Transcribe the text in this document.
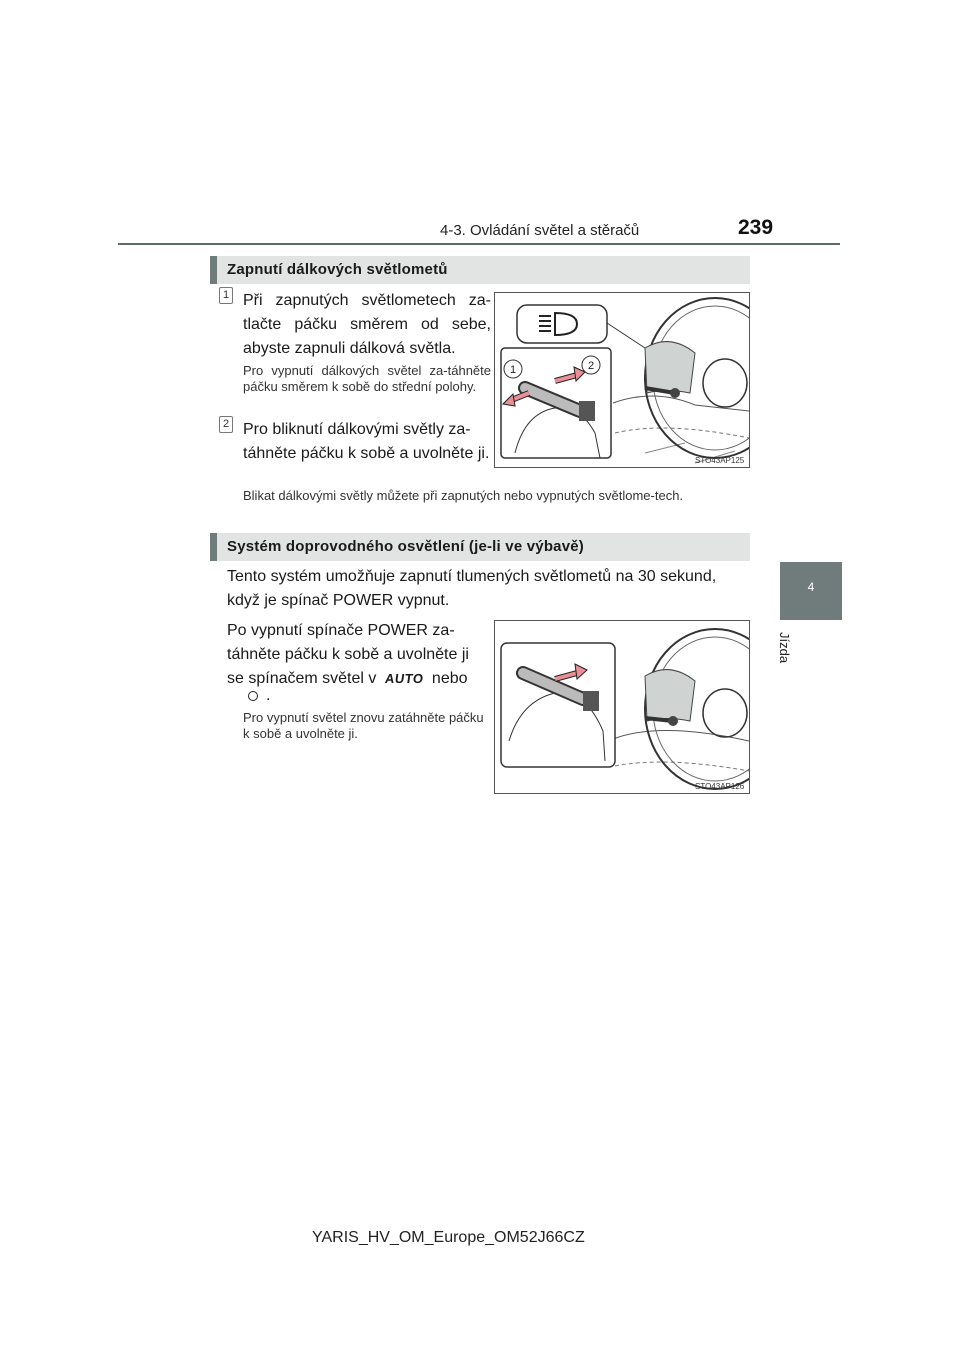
4-3. Ovládání světel a stěračů	239
4
Jízda
Zapnutí dálkových světlometů
1 Při zapnutých světlometech za-tlačte páčku směrem od sebe, abyste zapnuli dálková světla.
Pro vypnutí dálkových světel za-táhněte páčku směrem k sobě do střední polohy.
2 Pro bliknutí dálkovými světly za-táhněte páčku k sobě a uvolněte ji.
Blikat dálkovými světly můžete při zapnutých nebo vypnutých světlome-tech.
1	2
STO43AP125
Systém doprovodného osvětlení (je-li ve výbavě)
Tento systém umožňuje zapnutí tlumených světlometů na 30 sekund, když je spínač POWER vypnut.
Po vypnutí spínače POWER za-táhněte páčku k sobě a uvolněte ji se spínačem světel v AUTO nebo
.
Pro vypnutí světel znovu zatáhněte páčku k sobě a uvolněte ji.
STO43AP126
YARIS_HV_OM_Europe_OM52J66CZ
